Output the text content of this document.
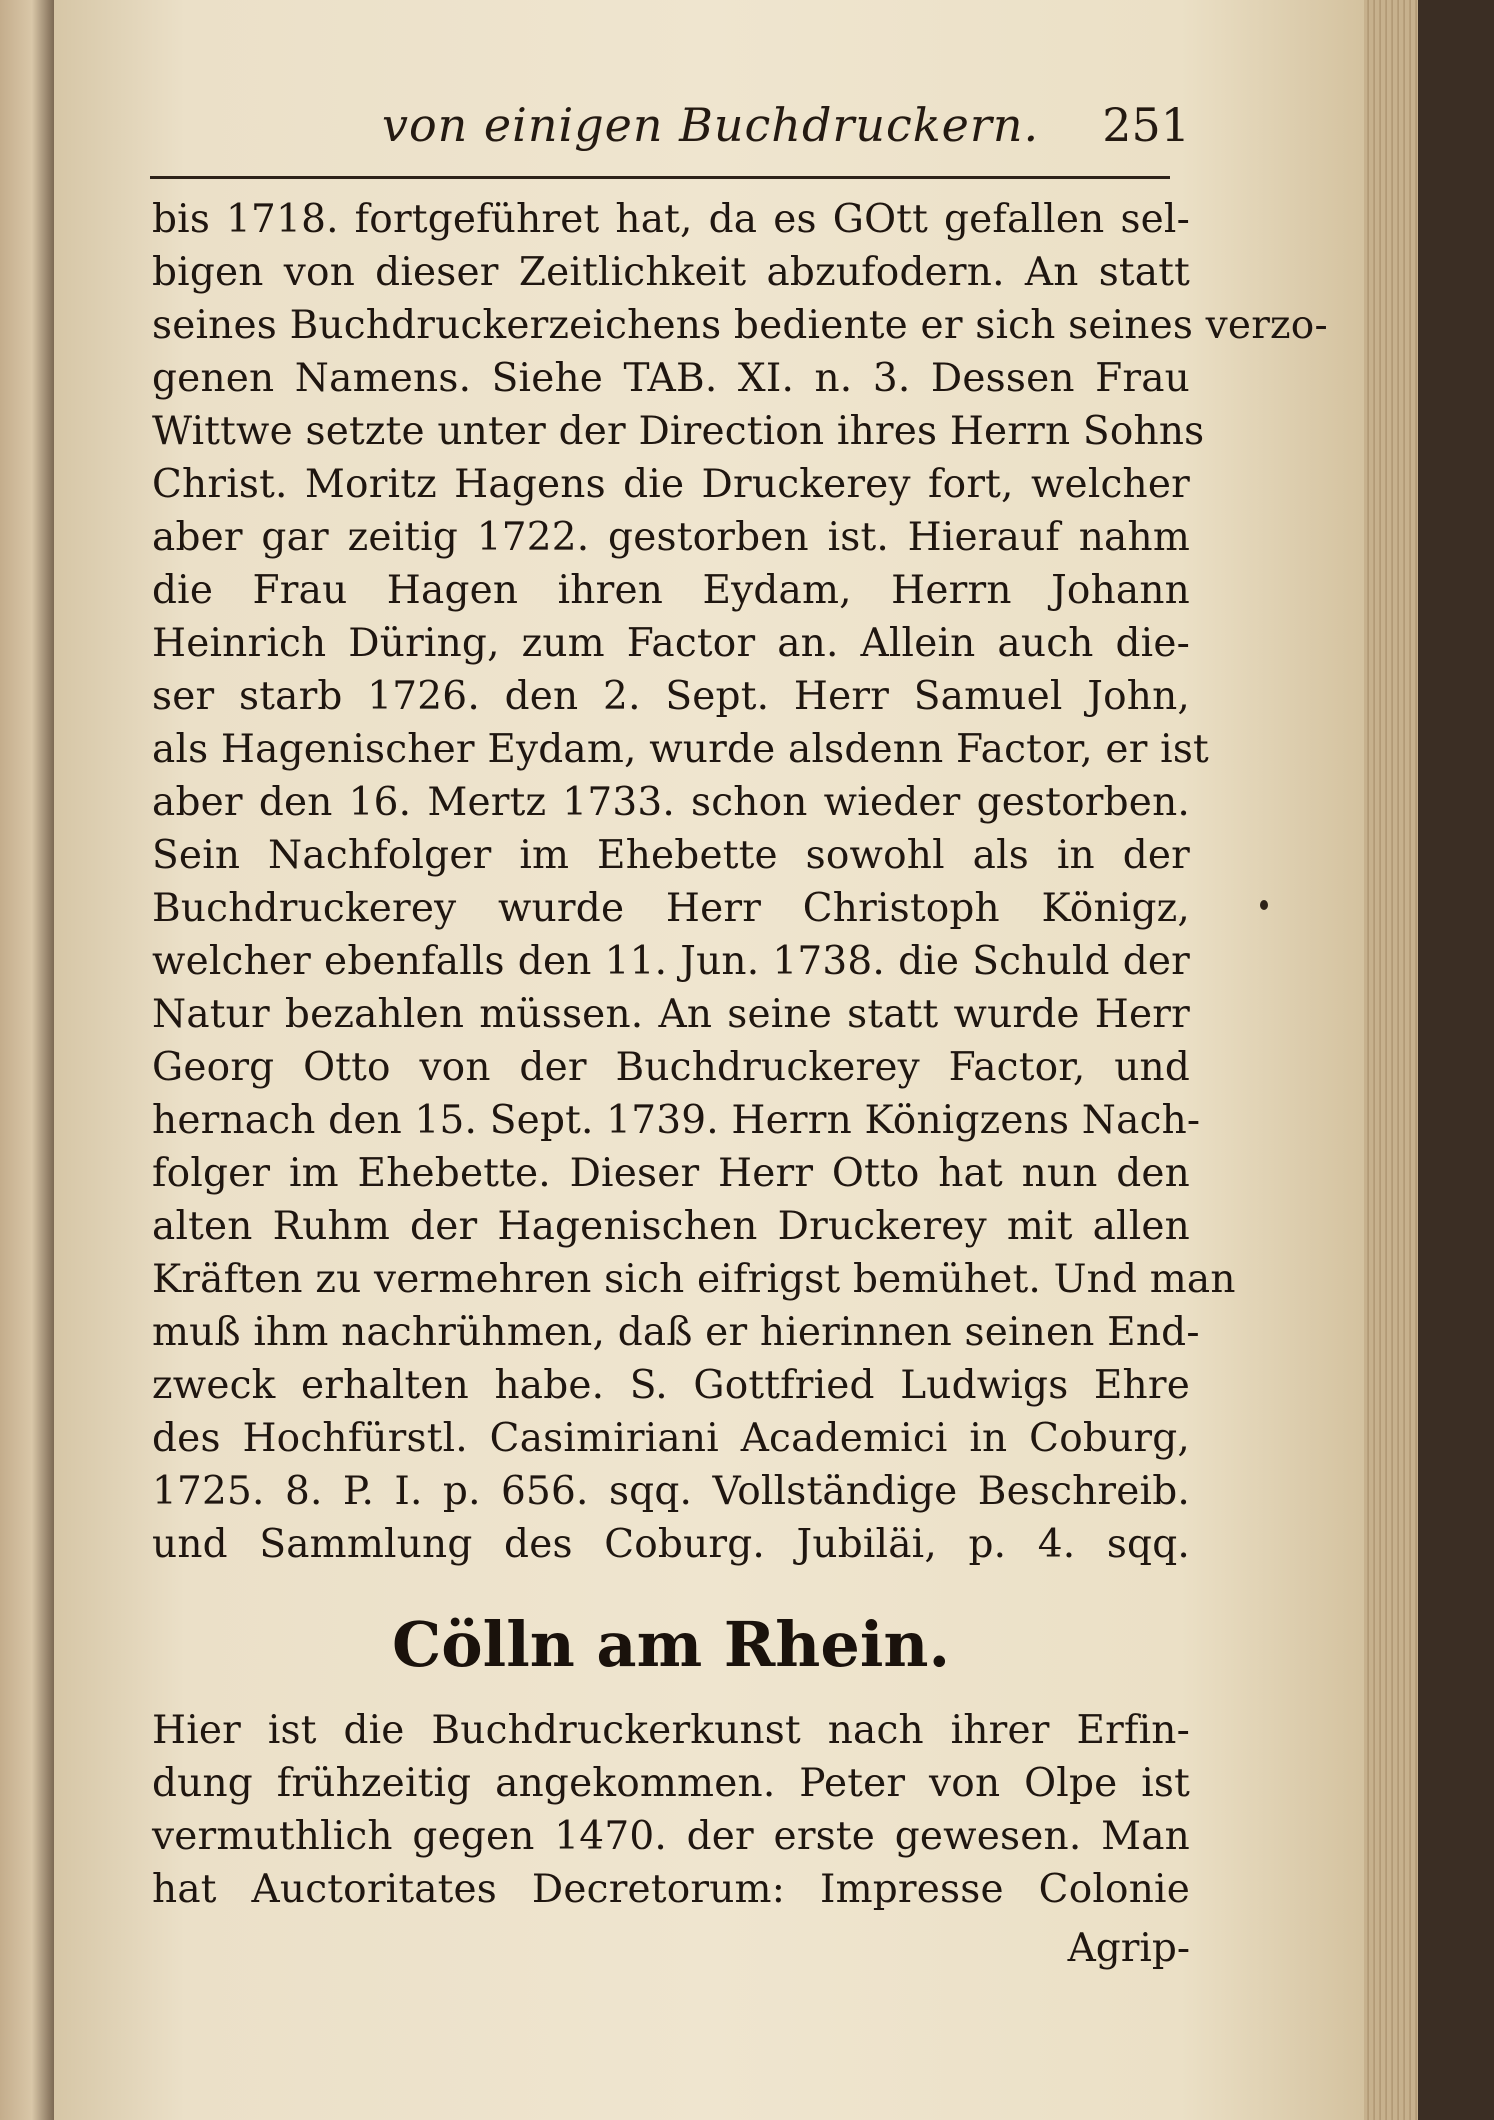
von einigen Buchdruckern. 251
bis 1718. fortgeführet hat, da es GOtt gefallen sel-
bigen von dieser Zeitlichkeit abzufodern. An statt
seines Buchdruckerzeichens bediente er sich seines verzo-
genen Namens. Siehe TAB. XI. n. 3. Dessen Frau
Wittwe setzte unter der Direction ihres Herrn Sohns
Christ. Moritz Hagens die Druckerey fort, welcher
aber gar zeitig 1722. gestorben ist. Hierauf nahm
die Frau Hagen ihren Eydam, Herrn Johann
Heinrich Düring, zum Factor an. Allein auch die-
ser starb 1726. den 2. Sept. Herr Samuel John,
als Hagenischer Eydam, wurde alsdenn Factor, er ist
aber den 16. Mertz 1733. schon wieder gestorben.
Sein Nachfolger im Ehebette sowohl als in der
Buchdruckerey wurde Herr Christoph Königz,
welcher ebenfalls den 11. Jun. 1738. die Schuld der
Natur bezahlen müssen. An seine statt wurde Herr
Georg Otto von der Buchdruckerey Factor, und
hernach den 15. Sept. 1739. Herrn Königzens Nach-
folger im Ehebette. Dieser Herr Otto hat nun den
alten Ruhm der Hagenischen Druckerey mit allen
Kräften zu vermehren sich eifrigst bemühet. Und man
muß ihm nachrühmen, daß er hierinnen seinen End-
zweck erhalten habe. S. Gottfried Ludwigs Ehre
des Hochfürstl. Casimiriani Academici in Coburg,
1725. 8. P. I. p. 656. sqq. Vollständige Beschreib.
und Sammlung des Coburg. Jubiläi, p. 4. sqq.
Cölln am Rhein.
Hier ist die Buchdruckerkunst nach ihrer Erfin-
dung frühzeitig angekommen. Peter von Olpe ist
vermuthlich gegen 1470. der erste gewesen. Man
hat Auctoritates Decretorum: Impresse Colonie
Agrip-
